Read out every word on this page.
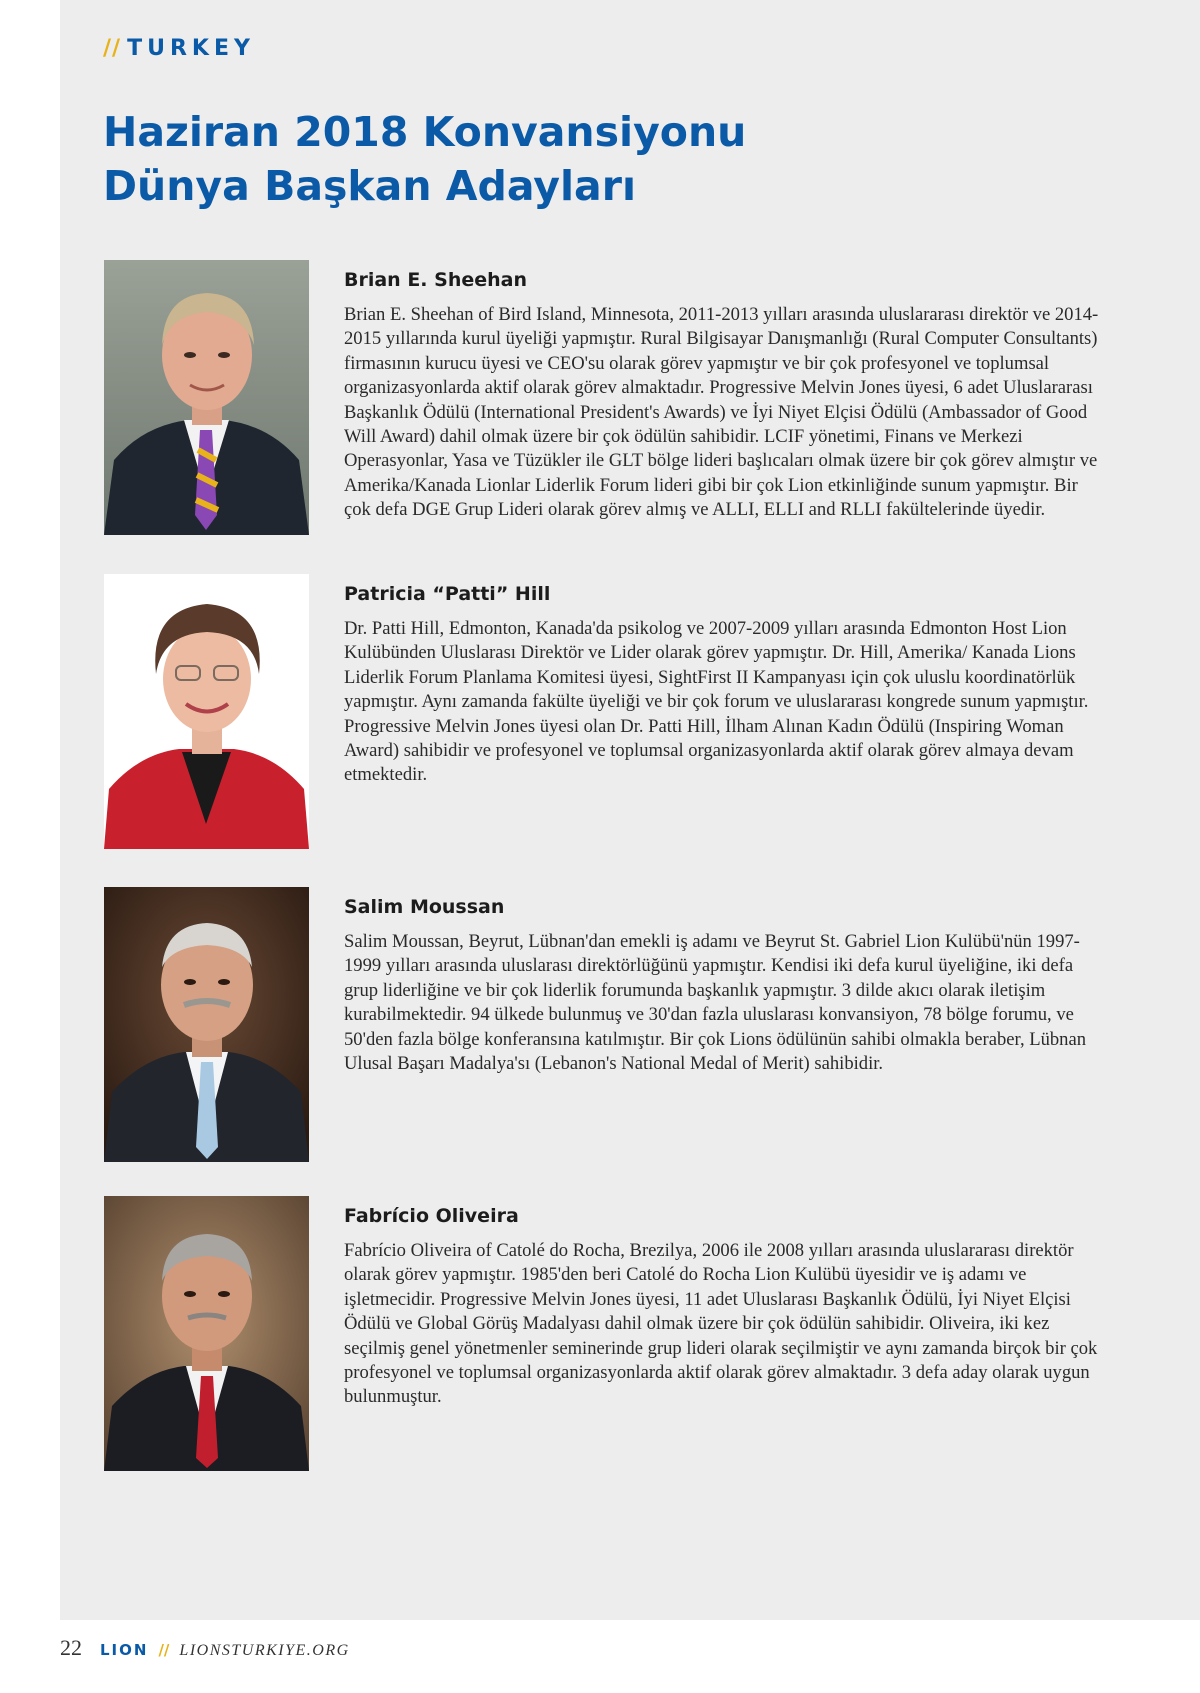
// TURKEY
Haziran 2018 Konvansiyonu
Dünya Başkan Adayları
Brian E. Sheehan

Brian E. Sheehan of Bird Island, Minnesota, 2011-2013 yılları arasında uluslararası direktör ve 2014-2015 yıllarında kurul üyeliği yapmıştır. Rural Bilgisayar Danışmanlığı (Rural Computer Consultants) firmasının kurucu üyesi ve CEO'su olarak görev yapmıştır ve bir çok profesyonel ve toplumsal organizasyonlarda aktif olarak görev almaktadır. Progressive Melvin Jones üyesi, 6 adet Uluslararası Başkanlık Ödülü (International President's Awards) ve İyi Niyet Elçisi Ödülü (Ambassador of Good Will Award) dahil olmak üzere bir çok ödülün sahibidir. LCIF yönetimi, Finans ve Merkezi Operasyonlar, Yasa ve Tüzükler ile GLT bölge lideri başlıcaları olmak üzere bir çok görev almıştır ve Amerika/Kanada Lionlar Liderlik Forum lideri gibi bir çok Lion etkinliğinde sunum yapmıştır. Bir çok defa DGE Grup Lideri olarak görev almış ve ALLI, ELLI and RLLI fakültelerinde üyedir.

Patricia “Patti” Hill

Dr. Patti Hill, Edmonton, Kanada'da psikolog ve 2007-2009 yılları arasında Edmonton Host Lion Kulübünden Uluslarası Direktör ve Lider olarak görev yapmıştır. Dr. Hill, Amerika/ Kanada Lions Liderlik Forum Planlama Komitesi üyesi, SightFirst II Kampanyası için çok uluslu koordinatörlük yapmıştır. Aynı zamanda fakülte üyeliği ve bir çok forum ve uluslararası kongrede sunum yapmıştır. Progressive Melvin Jones üyesi olan Dr. Patti Hill, İlham Alınan Kadın Ödülü (Inspiring Woman Award) sahibidir ve profesyonel ve toplumsal organizasyonlarda aktif olarak görev almaya devam etmektedir.

Salim Moussan

Salim Moussan, Beyrut, Lübnan'dan emekli iş adamı ve Beyrut St. Gabriel Lion Kulübü'nün 1997-1999 yılları arasında uluslarası direktörlüğünü yapmıştır. Kendisi iki defa kurul üyeliğine, iki defa grup liderliğine ve bir çok liderlik forumunda başkanlık yapmıştır. 3 dilde akıcı olarak iletişim kurabilmektedir. 94 ülkede bulunmuş ve 30'dan fazla uluslarası konvansiyon, 78 bölge forumu, ve 50'den fazla bölge konferansına katılmıştır. Bir çok Lions ödülünün sahibi olmakla beraber, Lübnan Ulusal Başarı Madalya'sı (Lebanon's National Medal of Merit) sahibidir.

Fabrício Oliveira

Fabrício Oliveira of Catolé do Rocha, Brezilya, 2006 ile 2008 yılları arasında uluslararası direktör olarak görev yapmıştır. 1985'den beri Catolé do Rocha Lion Kulübü üyesidir ve iş adamı ve işletmecidir. Progressive Melvin Jones üyesi, 11 adet Uluslarası Başkanlık Ödülü, İyi Niyet Elçisi Ödülü ve Global Görüş Madalyası dahil olmak üzere bir çok ödülün sahibidir. Oliveira, iki kez seçilmiş genel yönetmenler seminerinde grup lideri olarak seçilmiştir ve aynı zamanda birçok bir çok profesyonel ve toplumsal organizasyonlarda aktif olarak görev almaktadır. 3 defa aday olarak uygun bulunmuştur.

22 LION // LIONSTURKIYE.ORG
